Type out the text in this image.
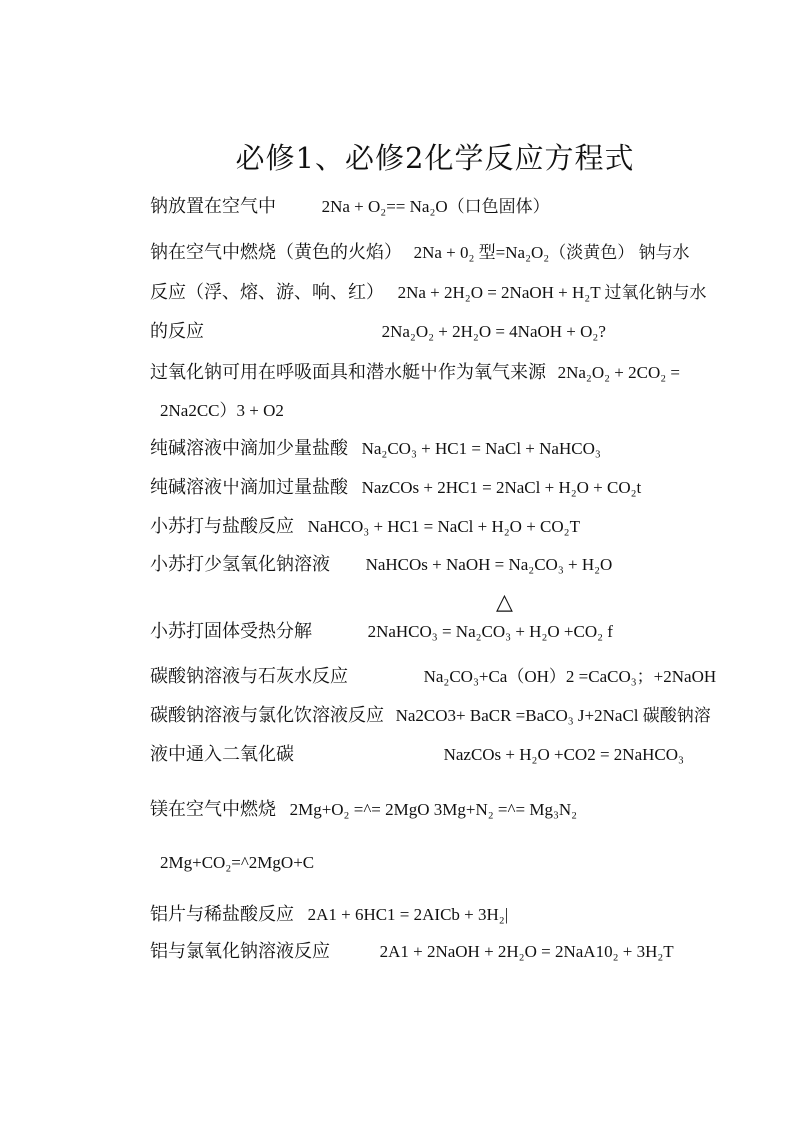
必修1、必修2化学反应方程式
钠放置在空气中	2Na + O₂== Na₂O（口色固体）
钠在空气中燃烧（黄色的火焰） 2Na + 0₂ 型=Na₂O₂（淡黄色） 钠与水
反应（浮、熔、游、响、红） 2Na + 2H₂O = 2NaOH + H₂T 过氧化钠与水
的反应	2Na₂O₂ + 2H₂O = 4NaOH + O₂?
过氧化钠可用在呼吸面具和潜水艇屮作为氧气来源 2Na₂O₂ + 2CO₂ =
2Na2CC）3 + O2
纯碱溶液中滴加少量盐酸 Na₂CO₃ + HC1 = NaCl + NaHCO₃
纯碱溶液屮滴加过量盐酸 NazCOs + 2HC1 = 2NaCl + H₂O + CO₂t
小苏打与盐酸反应 NaHCO₃ + HC1 = NaCl + H₂O + CO₂T
小苏打少氢氧化钠溶液 NaHCOs + NaOH = Na₂CO₃ + H₂O
△
小苏打固体受热分解	2NaHCO₃ = Na₂CO₃ + H₂O +CO₂ f
碳酸钠溶液与石灰水反应	Na₂CO₃+Ca（OH）2 =CaCO₃；+2NaOH
碳酸钠溶液与氯化饮溶液反应 Na2CO3+ BaCR =BaCO₃ J+2NaCl 碳酸钠溶
液中通入二氧化碳	NazCOs + H₂O +CO2 = 2NaHCO₃
镁在空气中燃烧 2Mg+O₂ =^= 2MgO 3Mg+N₂ =^= Mg₃N₂
2Mg+CO₂=^2MgO+C
铝片与稀盐酸反应 2A1 + 6HC1 = 2AICb + 3H₂|
铝与氯氧化钠溶液反应	2A1 + 2NaOH + 2H₂O = 2NaA10₂ + 3H₂T
